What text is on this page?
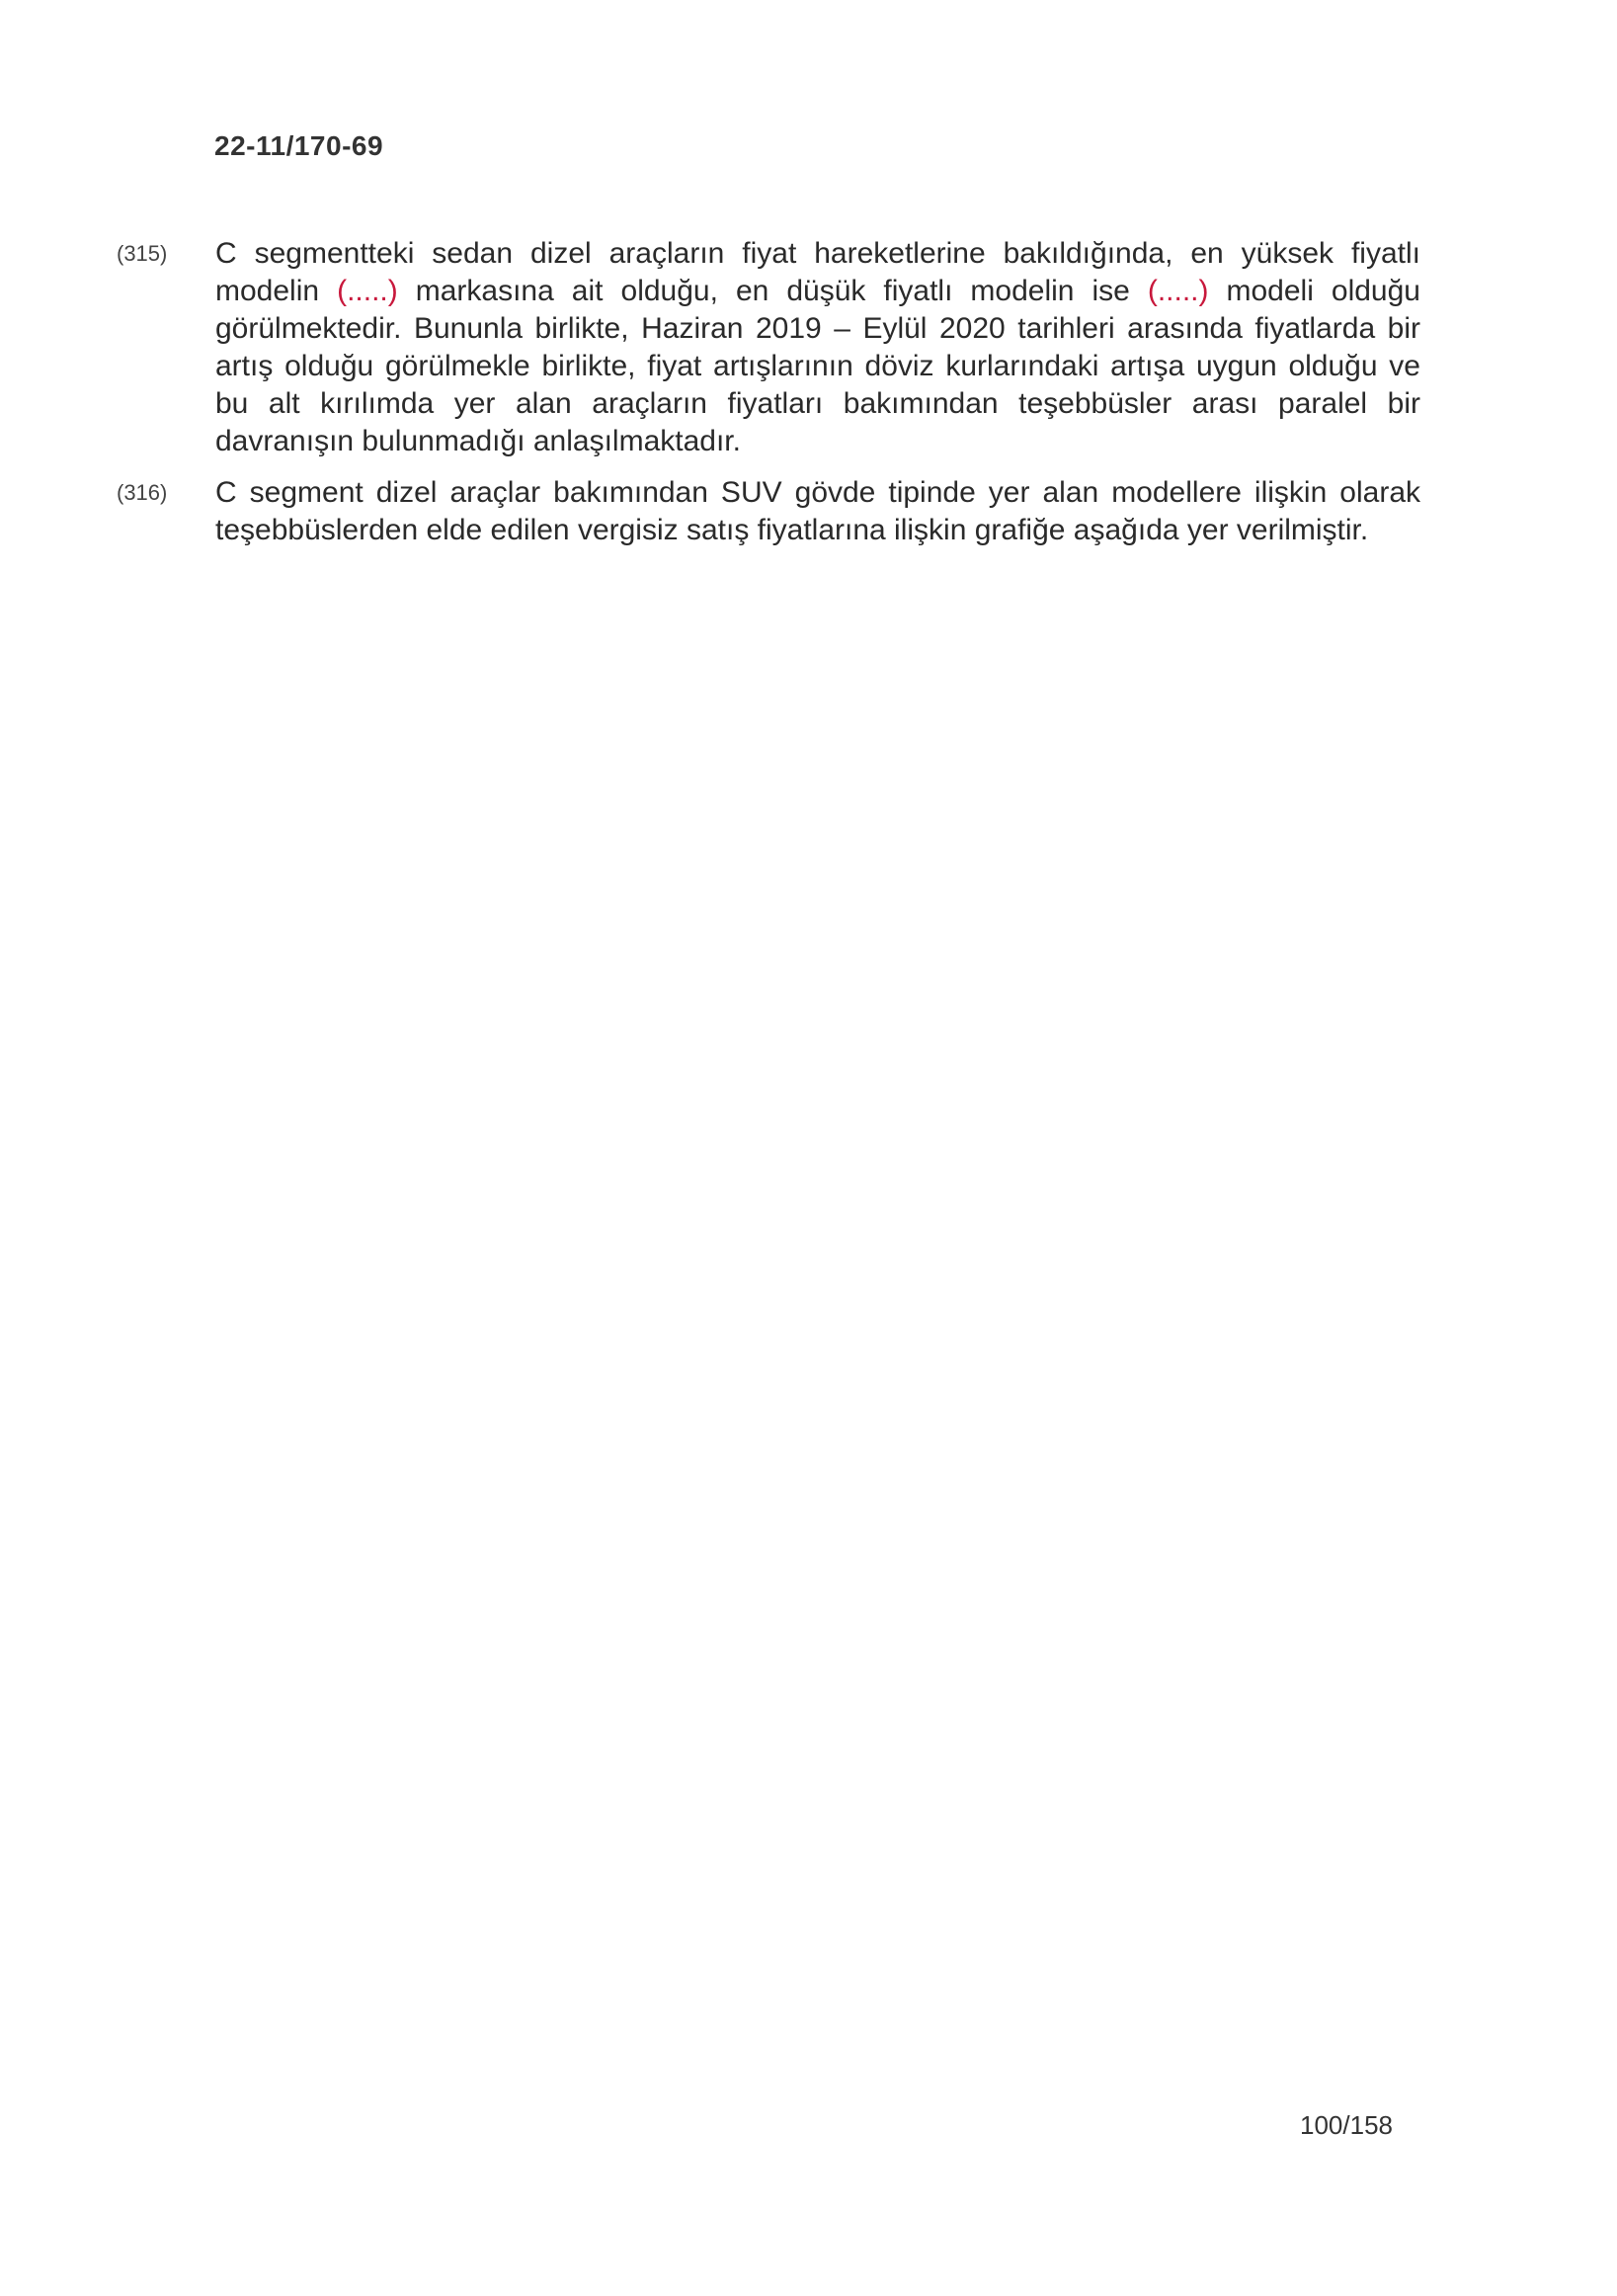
22-11/170-69
(315)	C segmentteki sedan dizel araçların fiyat hareketlerine bakıldığında, en yüksek fiyatlı modelin (.....) markasına ait olduğu, en düşük fiyatlı modelin ise (.....) modeli olduğu görülmektedir. Bununla birlikte, Haziran 2019 – Eylül 2020 tarihleri arasında fiyatlarda bir artış olduğu görülmekle birlikte, fiyat artışlarının döviz kurlarındaki artışa uygun olduğu ve bu alt kırılımda yer alan araçların fiyatları bakımından teşebbüsler arası paralel bir davranışın bulunmadığı anlaşılmaktadır.
(316)	C segment dizel araçlar bakımından SUV gövde tipinde yer alan modellere ilişkin olarak teşebbüslerden elde edilen vergisiz satış fiyatlarına ilişkin grafiğe aşağıda yer verilmiştir.
100/158
